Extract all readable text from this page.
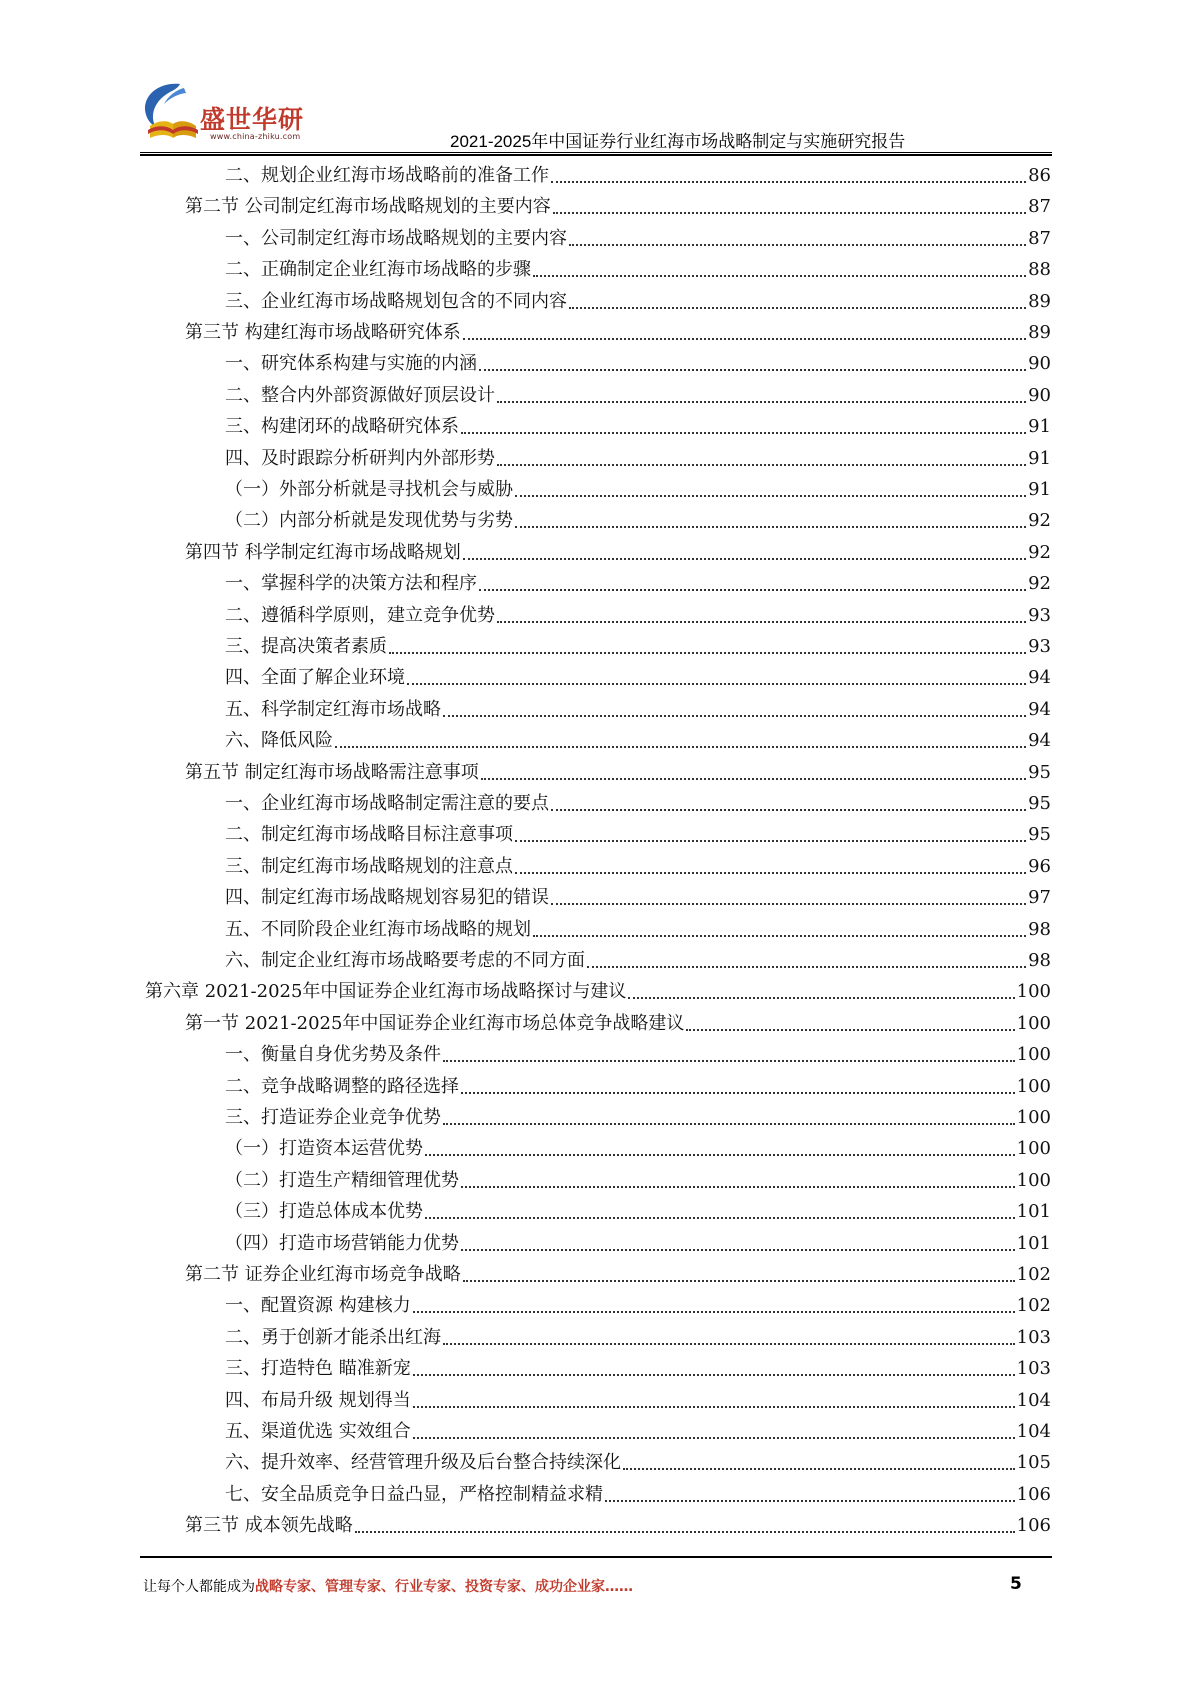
盛世华研
www.china-zhiku.com	2021-2025年中国证券行业红海市场战略制定与实施研究报告
二、规划企业红海市场战略前的准备工作	86
第二节 公司制定红海市场战略规划的主要内容	87
一、公司制定红海市场战略规划的主要内容	87
二、正确制定企业红海市场战略的步骤	88
三、企业红海市场战略规划包含的不同内容	89
第三节 构建红海市场战略研究体系	89
一、研究体系构建与实施的内涵	90
二、整合内外部资源做好顶层设计	90
三、构建闭环的战略研究体系	91
四、及时跟踪分析研判内外部形势	91
（一）外部分析就是寻找机会与威胁	91
（二）内部分析就是发现优势与劣势	92
第四节 科学制定红海市场战略规划	92
一、掌握科学的决策方法和程序	92
二、遵循科学原则，建立竞争优势	93
三、提高决策者素质	93
四、全面了解企业环境	94
五、科学制定红海市场战略	94
六、降低风险	94
第五节 制定红海市场战略需注意事项	95
一、企业红海市场战略制定需注意的要点	95
二、制定红海市场战略目标注意事项	95
三、制定红海市场战略规划的注意点	96
四、制定红海市场战略规划容易犯的错误	97
五、不同阶段企业红海市场战略的规划	98
六、制定企业红海市场战略要考虑的不同方面	98
第六章 2021-2025年中国证券企业红海市场战略探讨与建议	100
第一节 2021-2025年中国证券企业红海市场总体竞争战略建议	100
一、衡量自身优劣势及条件	100
二、竞争战略调整的路径选择	100
三、打造证券企业竞争优势	100
（一）打造资本运营优势	100
（二）打造生产精细管理优势	100
（三）打造总体成本优势	101
（四）打造市场营销能力优势	101
第二节 证券企业红海市场竞争战略	102
一、配置资源 构建核力	102
二、勇于创新才能杀出红海	103
三、打造特色 瞄准新宠	103
四、布局升级 规划得当	104
五、渠道优选 实效组合	104
六、提升效率、经营管理升级及后台整合持续深化	105
七、安全品质竞争日益凸显，严格控制精益求精	106
第三节 成本领先战略	106
让每个人都能成为战略专家、管理专家、行业专家、投资专家、成功企业家……	5
